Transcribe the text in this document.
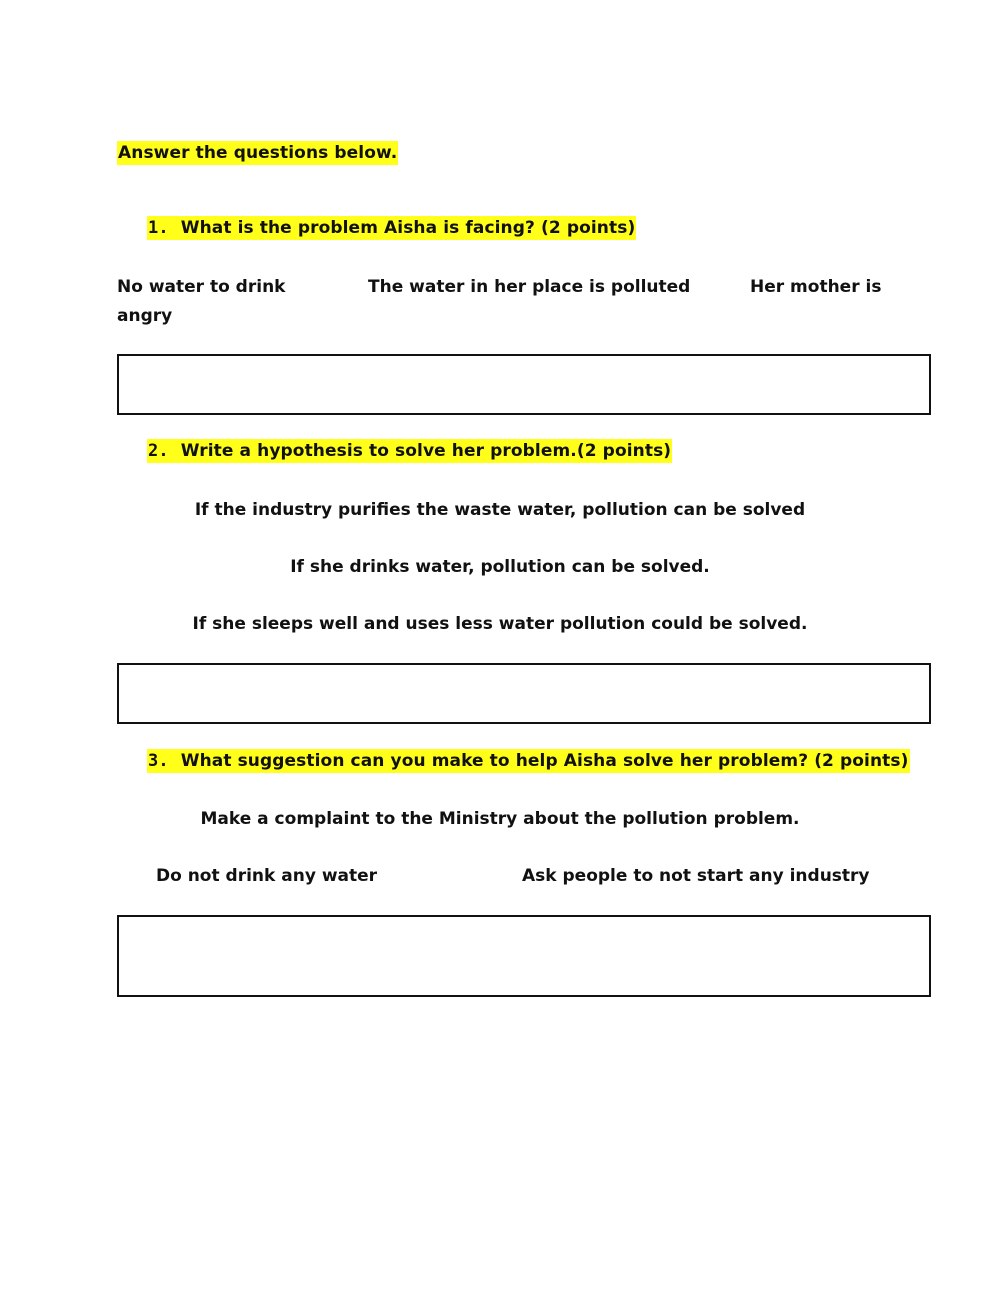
Answer the questions below.
1. What is the problem Aisha is facing? (2 points)
No water to drink	The water in her place is polluted	Her mother is
angry
2. Write a hypothesis to solve her problem.(2 points)
If the industry purifies the waste water, pollution can be solved
If she drinks water, pollution can be solved.
If she sleeps well and uses less water pollution could be solved.
3. What suggestion can you make to help Aisha solve her problem? (2 points)
Make a complaint to the Ministry about the pollution problem.
Do not drink any water	Ask people to not start any industry
